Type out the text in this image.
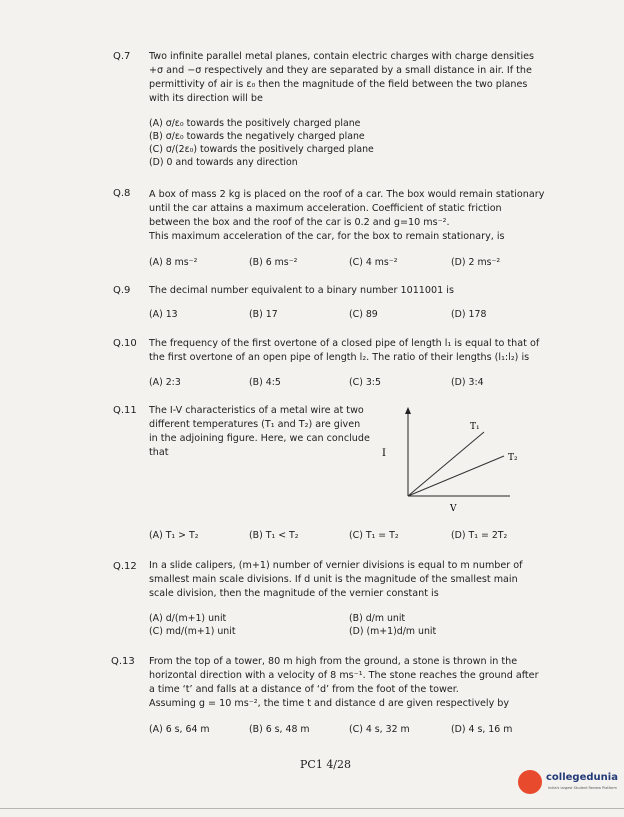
Q.7 Two infinite parallel metal planes, contain electric charges with charge densities +σ and −σ respectively and they are separated by a small distance in air. If the permittivity of air is ε₀ then the magnitude of the field between the two planes with its direction will be
(A) σ/ε₀ towards the positively charged plane
(B) σ/ε₀ towards the negatively charged plane
(C) σ/(2ε₀) towards the positively charged plane
(D) 0 and towards any direction
Q.8 A box of mass 2 kg is placed on the roof of a car. The box would remain stationary until the car attains a maximum acceleration. Coefficient of static friction between the box and the roof of the car is 0.2 and g=10 ms⁻².
This maximum acceleration of the car, for the box to remain stationary, is
(A) 8 ms⁻²	(B) 6 ms⁻²	(C) 4 ms⁻²	(D) 2 ms⁻²
Q.9 The decimal number equivalent to a binary number 1011001 is
(A) 13	(B) 17	(C) 89	(D) 178
Q.10 The frequency of the first overtone of a closed pipe of length l₁ is equal to that of the first overtone of an open pipe of length l₂. The ratio of their lengths (l₁:l₂) is
(A) 2:3	(B) 4:5	(C) 3:5	(D) 3:4
Q.11 The I-V characteristics of a metal wire at two different temperatures (T₁ and T₂) are given in the adjoining figure. Here, we can conclude that	I
V
T₁
T₂
(A) T₁ > T₂	(B) T₁ < T₂	(C) T₁ = T₂	(D) T₁ = 2T₂
Q.12 In a slide calipers, (m+1) number of vernier divisions is equal to m number of smallest main scale divisions. If d unit is the magnitude of the smallest main scale division, then the magnitude of the vernier constant is
(A) d/(m+1) unit	(B) d/m unit
(C) md/(m+1) unit	(D) (m+1)d/m unit
Q.13 From the top of a tower, 80 m high from the ground, a stone is thrown in the horizontal direction with a velocity of 8 ms⁻¹. The stone reaches the ground after a time ‘t’ and falls at a distance of ‘d’ from the foot of the tower.
Assuming g = 10 ms⁻², the time t and distance d are given respectively by
(A) 6 s, 64 m	(B) 6 s, 48 m	(C) 4 s, 32 m	(D) 4 s, 16 m
PC1 4/28
collegedunia
India's largest Student Review Platform
